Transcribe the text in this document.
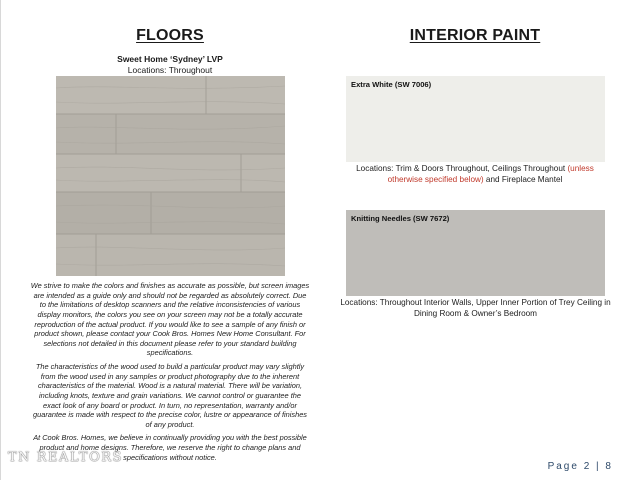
FLOORS	INTERIOR PAINT
Sweet Home ‘Sydney’ LVP
Locations: Throughout

We strive to make the colors and finishes as accurate as possible, but screen images are intended as a guide only and should not be regarded as absolutely correct. Due to the limitations of desktop scanners and the relative inconsistencies of various display monitors, the colors you see on your screen may not be a totally accurate reproduction of the actual product. If you would like to see a sample of any finish or product shown, please contact your Cook Bros. Homes New Home Consultant. For selections not detailed in this document please refer to your standard building specifications.

The characteristics of the wood used to build a particular product may vary slightly from the wood used in any samples or product photography due to the inherent characteristics of the material. Wood is a natural material. There will be variation, including knots, texture and grain variations. We cannot control or guarantee the exact look of any board or product. In turn, no representation, warranty and/or guarantee is made with respect to the precise color, lustre or appearance of finishes of any product.

At Cook Bros. Homes, we believe in continually providing you with the best possible product and home designs. Therefore, we reserve the right to change plans and specifications without notice.

Extra White (SW 7006)
Locations: Trim & Doors Throughout, Ceilings Throughout (unless otherwise specified below) and Fireplace Mantel
Knitting Needles (SW 7672)
Locations: Throughout Interior Walls, Upper Inner Portion of Trey Ceiling in Dining Room & Owner’s Bedroom
TN REALTORS
Page 2 | 8
